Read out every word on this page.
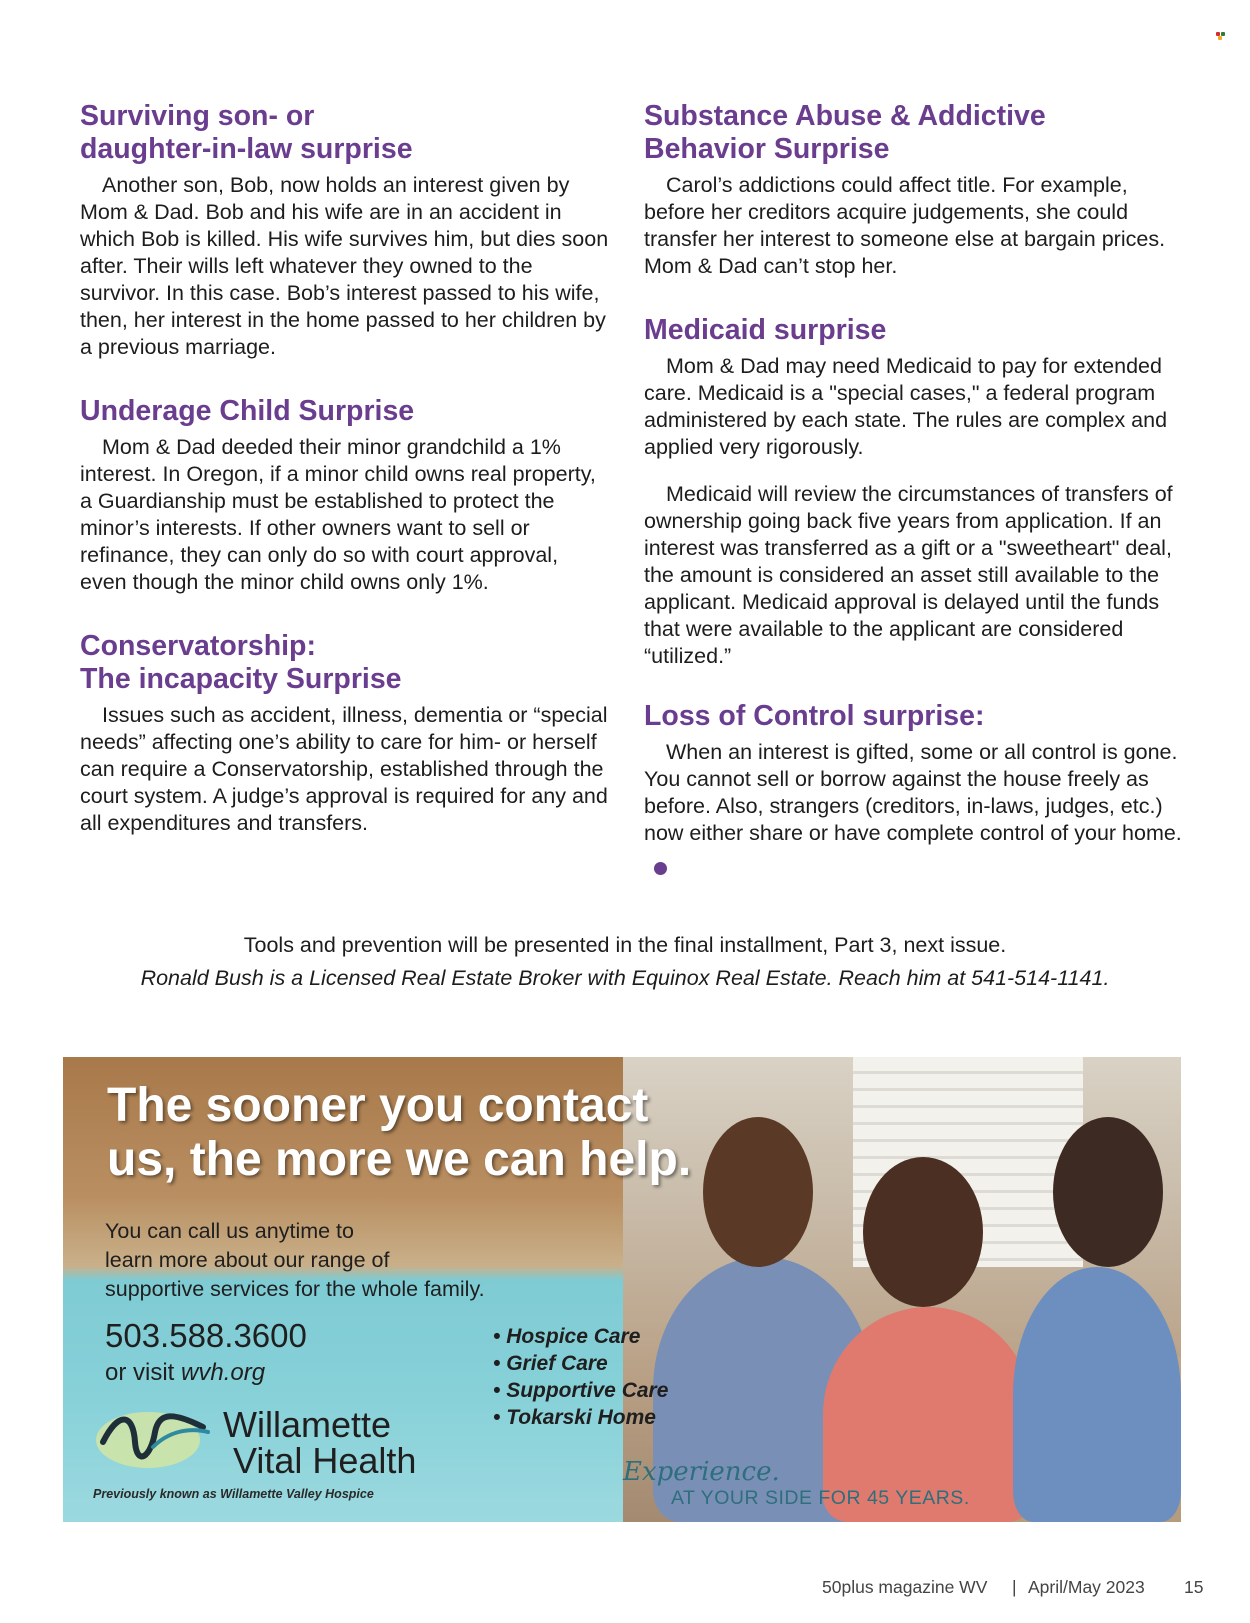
Surviving son- or
daughter-in-law surprise

Another son, Bob, now holds an interest given by Mom & Dad. Bob and his wife are in an accident in which Bob is killed. His wife survives him, but dies soon after. Their wills left whatever they owned to the survivor. In this case. Bob’s interest passed to his wife, then, her interest in the home passed to her children by a previous marriage.

Underage Child Surprise

Mom & Dad deeded their minor grandchild a 1% interest. In Oregon, if a minor child owns real property, a Guardianship must be established to protect the minor’s interests. If other owners want to sell or refinance, they can only do so with court approval, even though the minor child owns only 1%.

Conservatorship:
The incapacity Surprise

Issues such as accident, illness, dementia or “special needs” affecting one’s ability to care for him- or herself can require a Conservatorship, established through the court system. A judge’s approval is required for any and all expenditures and transfers.

Substance Abuse & Addictive
Behavior Surprise

Carol’s addictions could affect title. For example, before her creditors acquire judgements, she could transfer her interest to someone else at bargain prices. Mom & Dad can’t stop her.

Medicaid surprise

Mom & Dad may need Medicaid to pay for extended care. Medicaid is a "special cases," a federal program administered by each state. The rules are complex and applied very rigorously.

Medicaid will review the circumstances of transfers of ownership going back five years from application. If an interest was transferred as a gift or a "sweetheart" deal, the amount is considered an asset still available to the applicant. Medicaid approval is delayed until the funds that were available to the applicant are considered “utilized.”

Loss of Control surprise:

When an interest is gifted, some or all control is gone. You cannot sell or borrow against the house freely as before. Also, strangers (creditors, in-laws, judges, etc.) now either share or have complete control of your home.

Tools and prevention will be presented in the final installment, Part 3, next issue.
Ronald Bush is a Licensed Real Estate Broker with Equinox Real Estate. Reach him at 541-514-1141.
The sooner you contact
us, the more we can help.
You can call us anytime to
learn more about our range of
supportive services for the whole family.
503.588.3600
or visit wvh.org
• Hospice Care
• Grief Care
• Supportive Care
• Tokarski Home
Willamette
Vital Health
Previously known as Willamette Valley Hospice
Experience.
AT YOUR SIDE FOR 45 YEARS.
50plus magazine WV | April/May 2023 15
